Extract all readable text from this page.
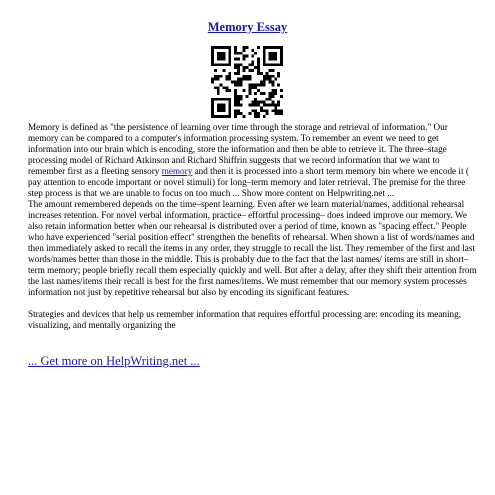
Memory Essay

Memory is defined as "the persistence of learning over time through the storage and retrieval of information." Our memory can be compared to a computer's information processing system. To remember an event we need to get information into our brain which is encoding, store the information and then be able to retrieve it. The three–stage processing model of Richard Atkinson and Richard Shiffrin suggests that we record information that we want to remember first as a fleeting sensory memory and then it is processed into a short term memory bin where we encode it ( pay attention to encode important or novel stimuli) for long–term memory and later retrieval. The premise for the three step process is that we are unable to focus on too much ... Show more content on Helpwriting.net ...

The amount remembered depends on the time–spent learning. Even after we learn material/names, additional rehearsal increases retention. For novel verbal information, practice– effortful processing– does indeed improve our memory. We also retain information better when our rehearsal is distributed over a period of time, known as "spacing effect." People who have experienced "serial position effect" strengthen the benefits of rehearsal. When shown a list of words/names and then immediately asked to recall the items in any order, they struggle to recall the list. They remember of the first and last words/names better than those in the middle. This is probably due to the fact that the last names/ items are still in short–term memory; people briefly recall them especially quickly and well. But after a delay, after they shift their attention from the last names/items their recall is best for the first names/items. We must remember that our memory system processes information not just by repetitive rehearsal but also by encoding its significant features.

Strategies and devices that help us remember information that requires effortful processing are: encoding its meaning, visualizing, and mentally organizing the

... Get more on HelpWriting.net ...
